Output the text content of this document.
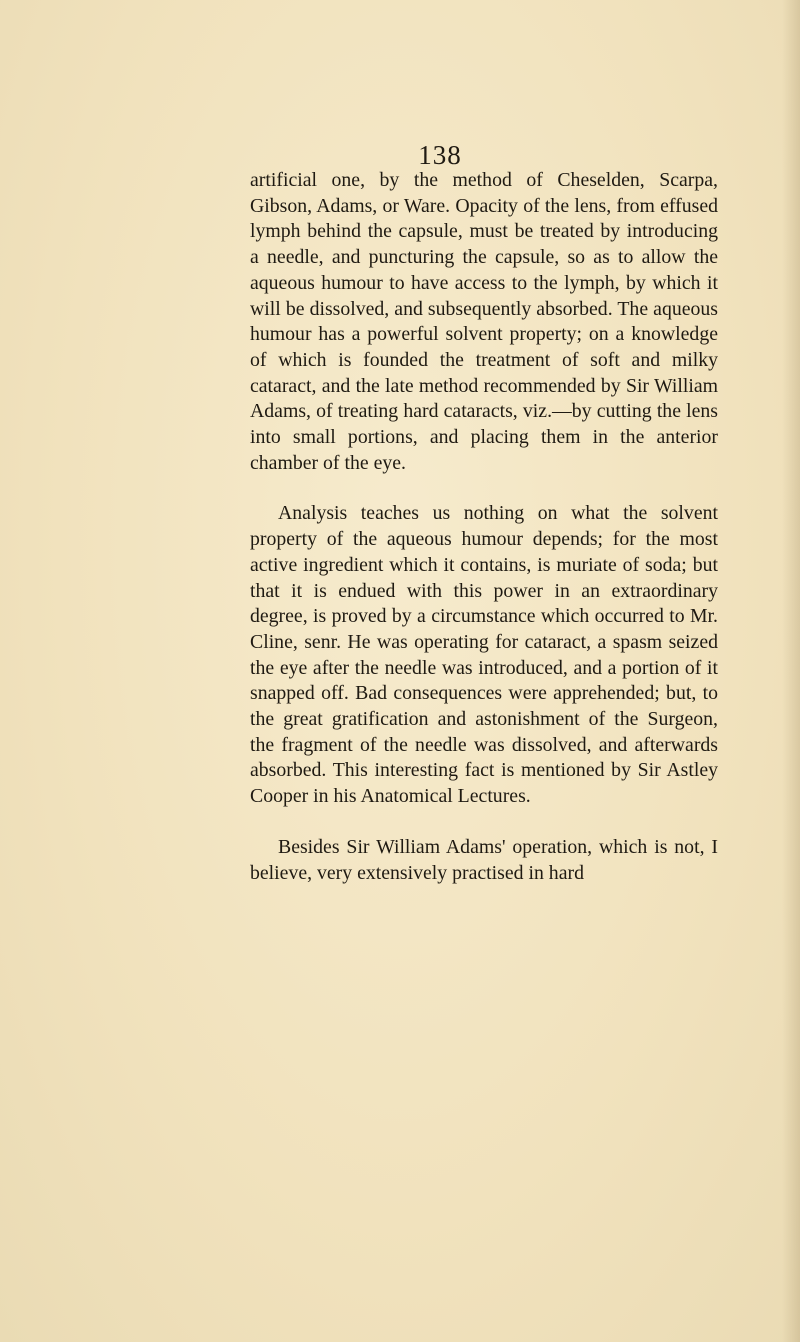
138

artificial one, by the method of Cheselden, Scarpa, Gibson, Adams, or Ware. Opacity of the lens, from effused lymph behind the capsule, must be treated by introducing a needle, and puncturing the capsule, so as to allow the aqueous humour to have access to the lymph, by which it will be dissolved, and subsequently absorbed. The aqueous humour has a powerful solvent property; on a knowledge of which is founded the treatment of soft and milky cataract, and the late method recommended by Sir William Adams, of treating hard cataracts, viz.—by cutting the lens into small portions, and placing them in the anterior chamber of the eye.

Analysis teaches us nothing on what the solvent property of the aqueous humour depends; for the most active ingredient which it contains, is muriate of soda; but that it is endued with this power in an extraordinary degree, is proved by a circumstance which occurred to Mr. Cline, senr. He was operating for cataract, a spasm seized the eye after the needle was introduced, and a portion of it snapped off. Bad consequences were apprehended; but, to the great gratification and astonishment of the Surgeon, the fragment of the needle was dissolved, and afterwards absorbed. This interesting fact is mentioned by Sir Astley Cooper in his Anatomical Lectures.

Besides Sir William Adams' operation, which is not, I believe, very extensively practised in hard
